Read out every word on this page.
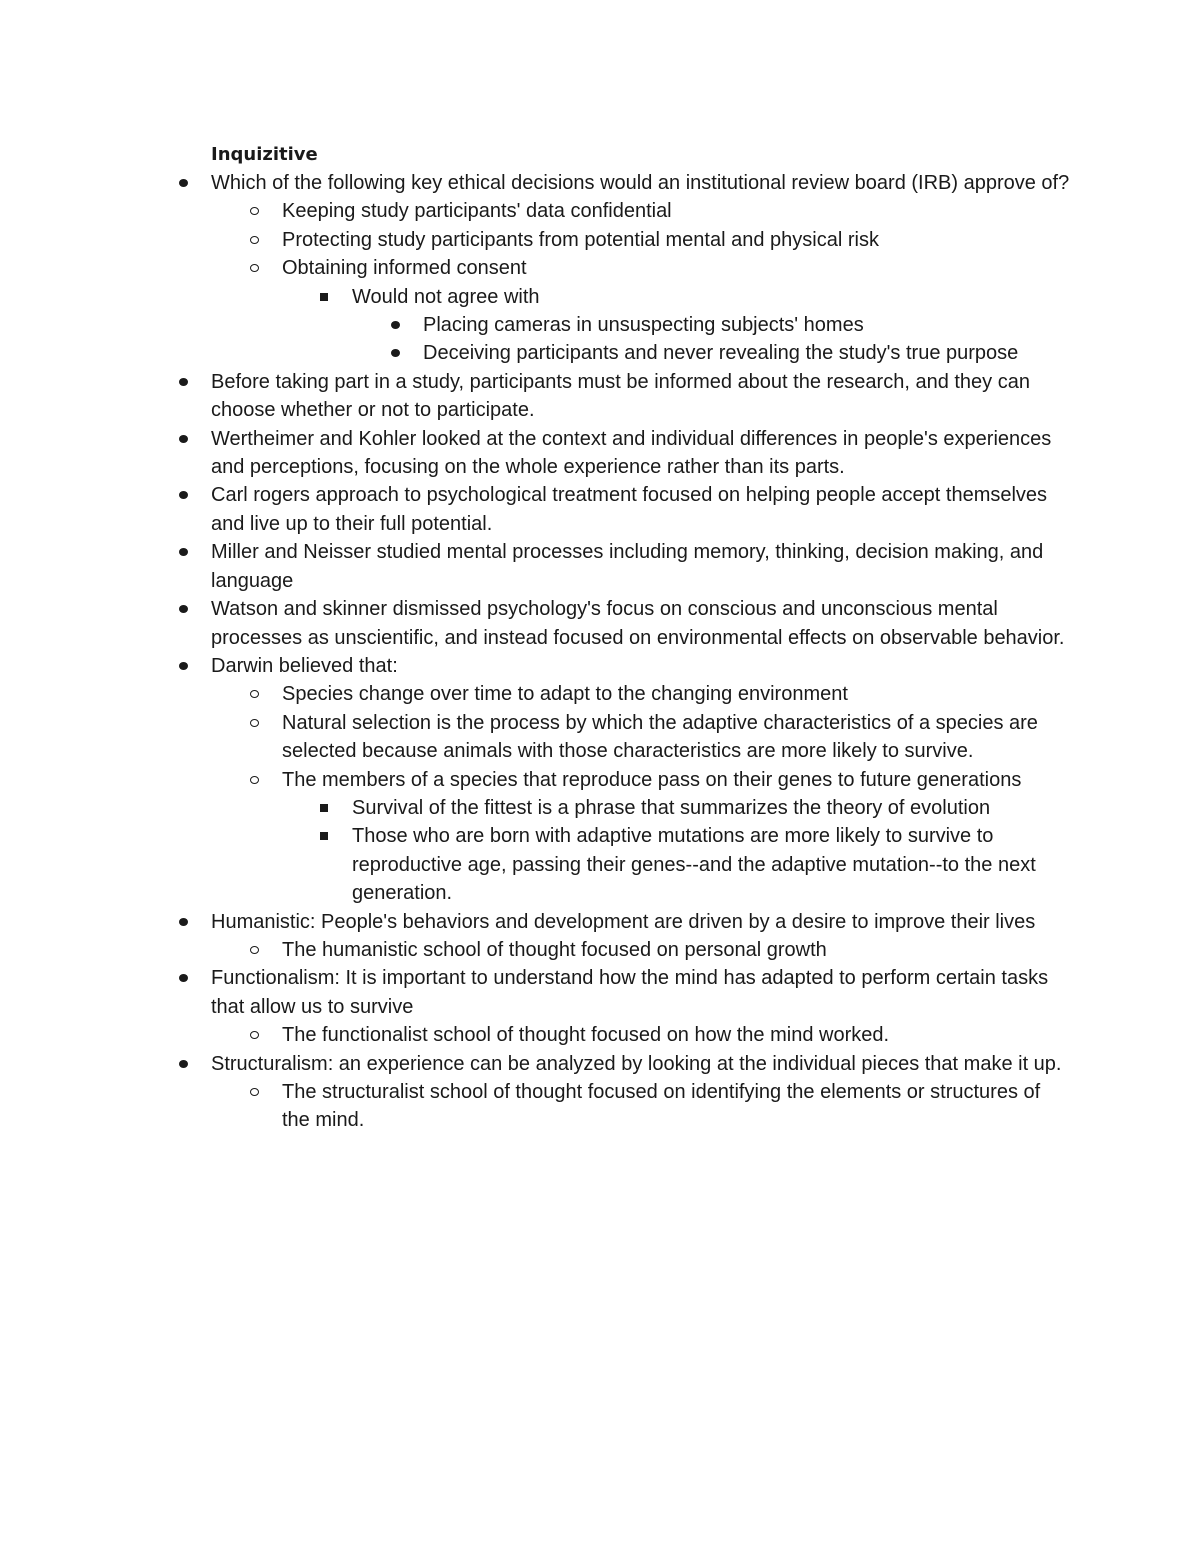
Inquizitive
Which of the following key ethical decisions would an institutional review board (IRB) approve of?
Keeping study participants' data confidential
Protecting study participants from potential mental and physical risk
Obtaining informed consent
Would not agree with
Placing cameras in unsuspecting subjects' homes
Deceiving participants and never revealing the study's true purpose
Before taking part in a study, participants must be informed about the research, and they can choose whether or not to participate.
Wertheimer and Kohler looked at the context and individual differences in people's experiences and perceptions, focusing on the whole experience rather than its parts.
Carl rogers approach to psychological treatment focused on helping people accept themselves and live up to their full potential.
Miller and Neisser studied mental processes including memory, thinking, decision making, and language
Watson and skinner dismissed psychology's focus on conscious and unconscious mental processes as unscientific, and instead focused on environmental effects on observable behavior.
Darwin believed that:
Species change over time to adapt to the changing environment
Natural selection is the process by which the adaptive characteristics of a species are selected because animals with those characteristics are more likely to survive.
The members of a species that reproduce pass on their genes to future generations
Survival of the fittest is a phrase that summarizes the theory of evolution
Those who are born with adaptive mutations are more likely to survive to reproductive age, passing their genes--and the adaptive mutation--to the next generation.
Humanistic: People's behaviors and development are driven by a desire to improve their lives
The humanistic school of thought focused on personal growth
Functionalism: It is important to understand how the mind has adapted to perform certain tasks that allow us to survive
The functionalist school of thought focused on how the mind worked.
Structuralism: an experience can be analyzed by looking at the individual pieces that make it up.
The structuralist school of thought focused on identifying the elements or structures of the mind.
